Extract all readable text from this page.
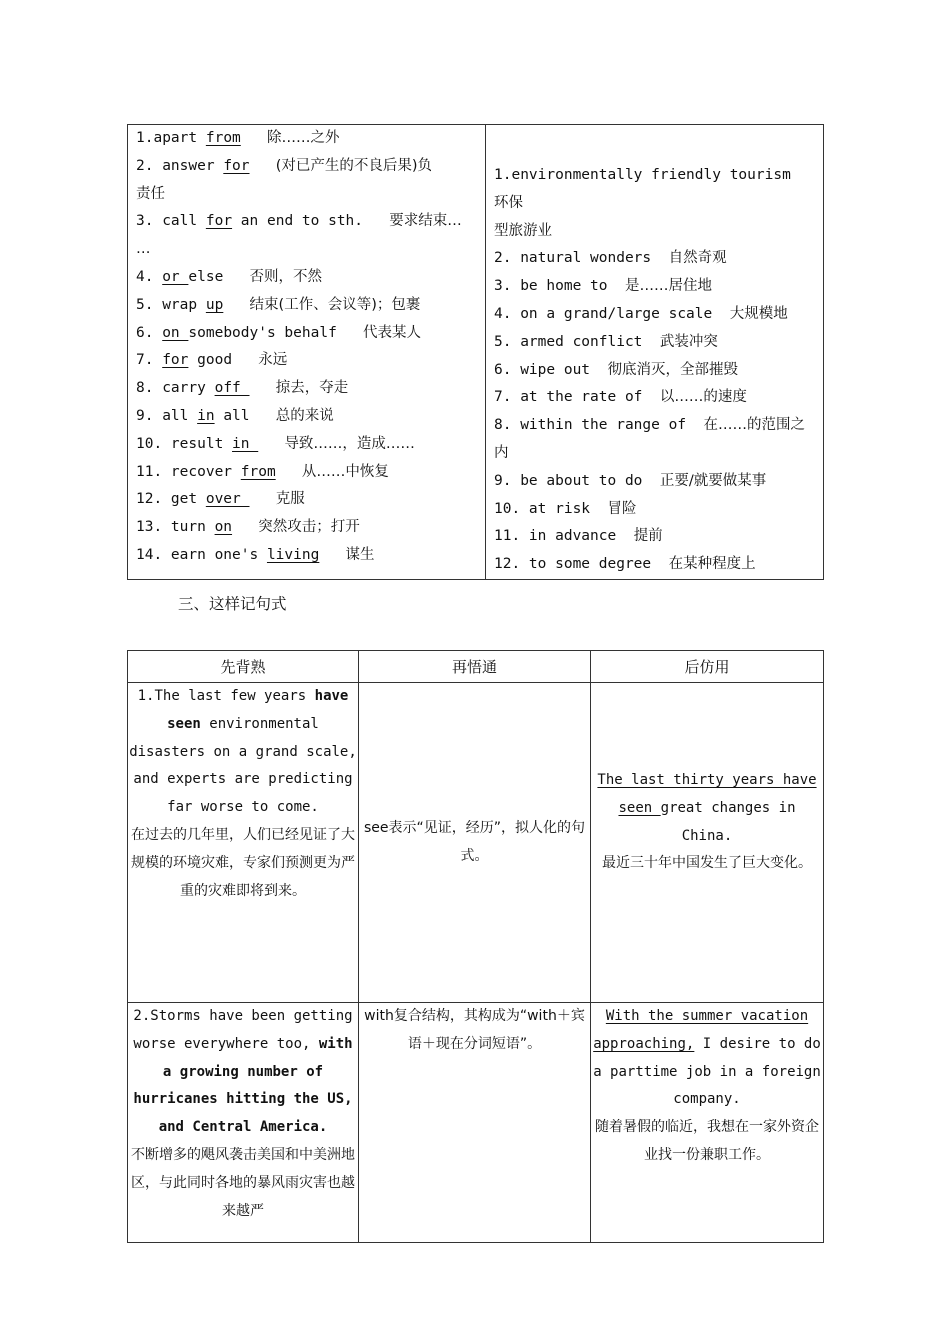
1.apart from 除……之外
2. answer for (对已产生的不良后果)负
责任
3. call for an end to sth. 要求结束…
…
4. or else 否则，不然
5. wrap up 结束(工作、会议等)；包裹
6. on somebody's behalf 代表某人
7. for good 永远
8. carry off    掠去，夺走
9. all in all 总的来说
10. result in    导致……，造成……
11. recover from 从……中恢复
12. get over    克服
13. turn on 突然攻击；打开
14. earn one's living 谋生

1.environmentally friendly tourism  环保
型旅游业
2. natural wonders 自然奇观
3. be home to 是……居住地
4. on a grand/large scale 大规模地
5. armed conflict 武装冲突
6. wipe out 彻底消灭，全部摧毁
7. at the rate of 以……的速度
8. within the range of 在……的范围之内
9. be about to do 正要/就要做某事
10. at risk 冒险
11. in advance 提前
12. to some degree 在某种程度上
三、这样记句式
先背熟	再悟通	后仿用
1.The last few years have seen environmental disasters on a grand scale, and experts are predicting far worse to come.
在过去的几年里，人们已经见证了大规模的环境灾难，专家们预测更为严重的灾难即将到来。	see表示“见证，经历”，拟人化的句式。	The last thirty years have seen great changes in China.
最近三十年中国发生了巨大变化。
2.Storms have been getting worse everywhere too, with a growing number of hurricanes hitting the US, and Central America.
不断增多的飓风袭击美国和中美洲地区，与此同时各地的暴风雨灾害也越来越严	with复合结构，其构成为“with＋宾语＋现在分词短语”。	With the summer vacation approaching, I desire to do a parttime job in a foreign company.
随着暑假的临近，我想在一家外资企业找一份兼职工作。
